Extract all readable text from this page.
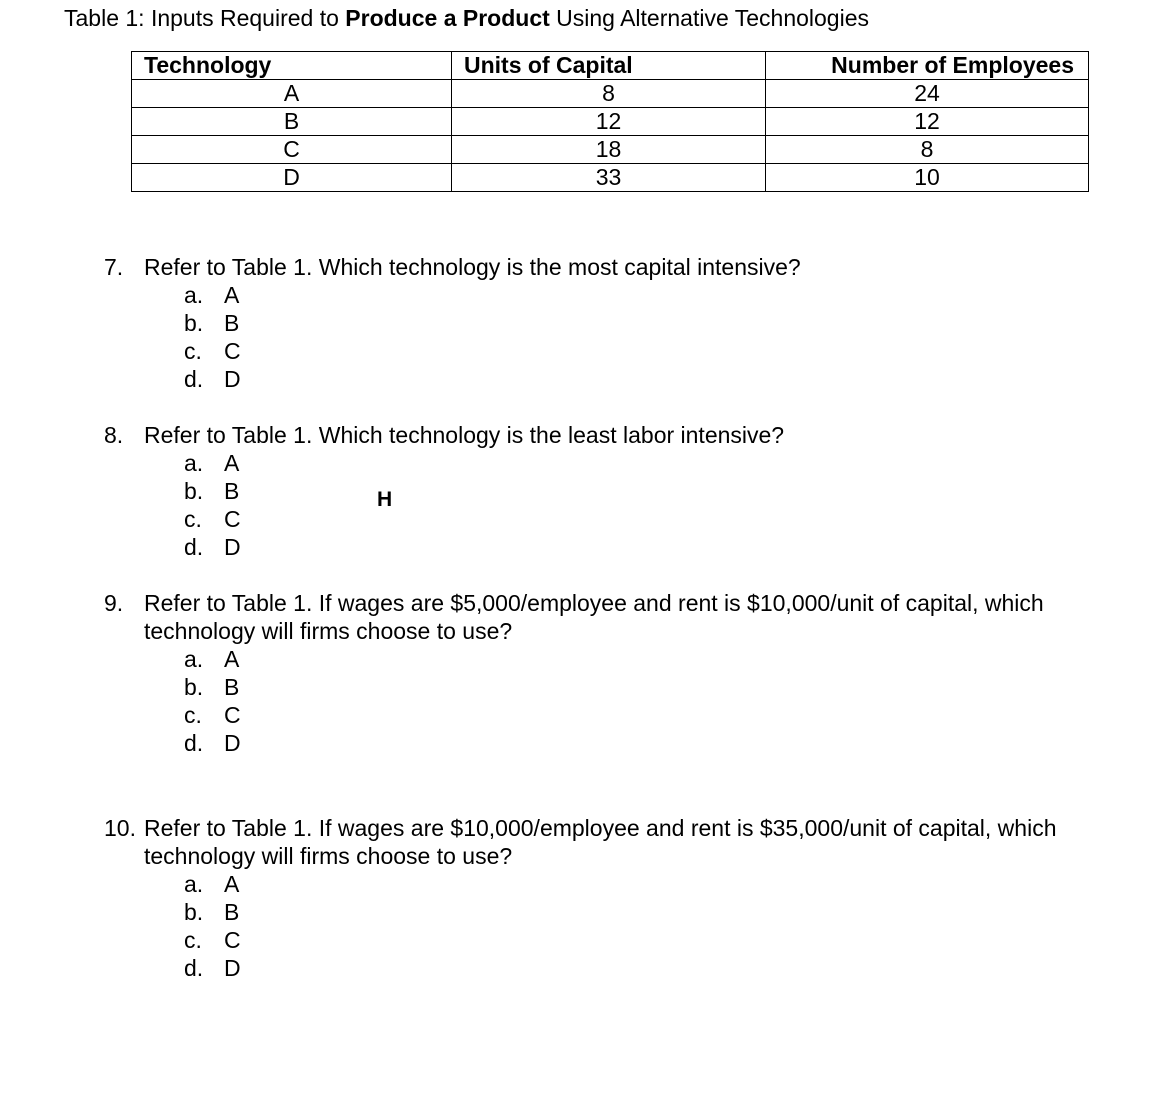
Table 1: Inputs Required to Produce a Product Using Alternative Technologies
Technology	Units of Capital	Number of Employees
A	8	24
B	12	12
C	18	8
D	33	10
7. Refer to Table 1. Which technology is the most capital intensive?
a. A
b. B
c. C
d. D
8. Refer to Table 1. Which technology is the least labor intensive?
a. A
b. B
c. C
d. D
H
9. Refer to Table 1. If wages are $5,000/employee and rent is $10,000/unit of capital, which technology will firms choose to use?
a. A
b. B
c. C
d. D
10. Refer to Table 1. If wages are $10,000/employee and rent is $35,000/unit of capital, which technology will firms choose to use?
a. A
b. B
c. C
d. D
